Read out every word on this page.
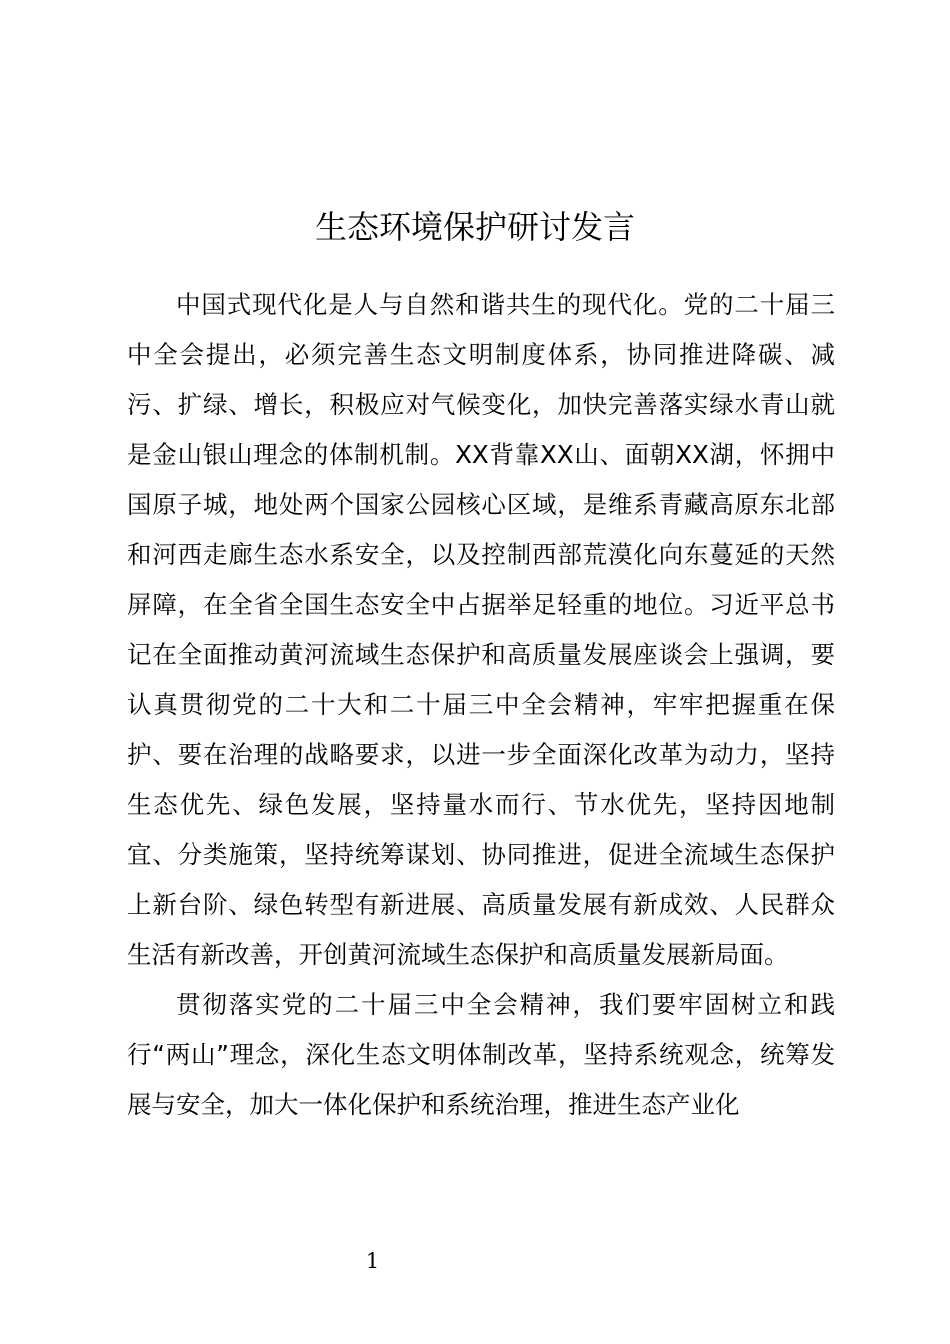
生态环境保护研讨发言

中国式现代化是人与自然和谐共生的现代化。党的二十届三中全会提出，必须完善生态文明制度体系，协同推进降碳、减污、扩绿、增长，积极应对气候变化，加快完善落实绿水青山就是金山银山理念的体制机制。XX背靠XX山、面朝XX湖，怀拥中国原子城，地处两个国家公园核心区域，是维系青藏高原东北部和河西走廊生态水系安全，以及控制西部荒漠化向东蔓延的天然屏障，在全省全国生态安全中占据举足轻重的地位。习近平总书记在全面推动黄河流域生态保护和高质量发展座谈会上强调，要认真贯彻党的二十大和二十届三中全会精神，牢牢把握重在保护、要在治理的战略要求，以进一步全面深化改革为动力，坚持生态优先、绿色发展，坚持量水而行、节水优先，坚持因地制宜、分类施策，坚持统筹谋划、协同推进，促进全流域生态保护上新台阶、绿色转型有新进展、高质量发展有新成效、人民群众生活有新改善，开创黄河流域生态保护和高质量发展新局面。

贯彻落实党的二十届三中全会精神，我们要牢固树立和践行“两山”理念，深化生态文明体制改革，坚持系统观念，统筹发展与安全，加大一体化保护和系统治理，推进生态产业化

1
